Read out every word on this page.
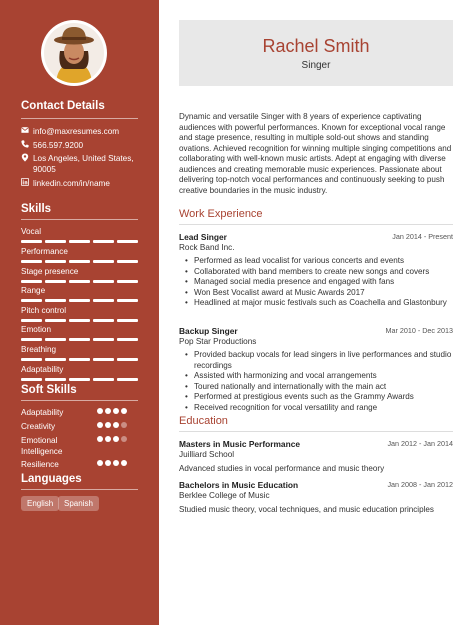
Contact Details
info@maxresumes.com
566.597.9200
Los Angeles, United States, 90005
linkedin.com/in/name
Skills
Vocal
Performance
Stage presence
Range
Pitch control
Emotion
Breathing
Adaptability
Soft Skills
Adaptability
Creativity
Emotional Intelligence
Resilience
Languages
English	Spanish
Rachel Smith
Singer
Dynamic and versatile Singer with 8 years of experience captivating audiences with powerful performances. Known for exceptional vocal range and stage presence, resulting in multiple sold-out shows and standing ovations. Achieved recognition for winning multiple singing competitions and collaborating with well-known music artists. Adept at engaging with diverse audiences and creating memorable music experiences. Passionate about delivering top-notch vocal performances and continuously seeking to push creative boundaries in the music industry.
Work Experience
Lead Singer	Jan 2014 - Present
Rock Band Inc.
• Performed as lead vocalist for various concerts and events
• Collaborated with band members to create new songs and covers
• Managed social media presence and engaged with fans
• Won Best Vocalist award at Music Awards 2017
• Headlined at major music festivals such as Coachella and Glastonbury
Backup Singer	Mar 2010 - Dec 2013
Pop Star Productions
• Provided backup vocals for lead singers in live performances and studio recordings
• Assisted with harmonizing and vocal arrangements
• Toured nationally and internationally with the main act
• Performed at prestigious events such as the Grammy Awards
• Received recognition for vocal versatility and range
Education
Masters in Music Performance	Jan 2012 - Jan 2014
Juilliard School
Advanced studies in vocal performance and music theory
Bachelors in Music Education	Jan 2008 - Jan 2012
Berklee College of Music
Studied music theory, vocal techniques, and music education principles
